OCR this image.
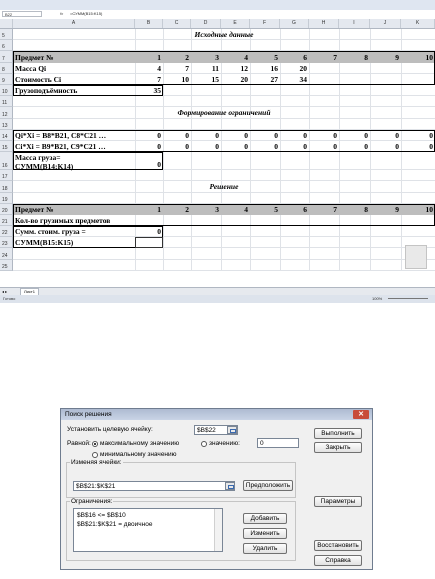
B22	fx =СУММ(B15:K15)
A	B	C	D	E	F	G	H	I	J	K
5
6
7
8
9
10
11
12
13
14
15
16
17
18
19
20
21
22
23
24
25
Исходные данные
Предмет №	1	2	3	4	5	6	7	8	9	10
Масса Qi	4	7	11	12	16	20
Стоимость Ci	7	10	15	20	27	34
Грузоподъёмность	35
Формирование ограничений
Qi*Xi = B8*B21, C8*C21 …	0	0	0	0	0	0	0	0	0	0
Ci*Xi = B9*B21, C9*C21 …	0	0	0	0	0	0	0	0	0	0
Масса груза=
СУММ(B14:K14)	0
Решение
Предмет №	1	2	3	4	5	6	7	8	9	10
Кол-во грузимых предметов
Сумм. стоим. груза =	0
СУММ(B15:K15)
◂ ▸	Лист1
Готово	100%
Поиск решения	✕
Установить целевую ячейку:	$B$22
Равной: максимальному значению	значению:	0
минимальному значению
Изменяя ячейки:
$B$21:$K$21	Предположить
Ограничения:
$B$16 <= $B$10
$B$21:$K$21 = двоичное
Добавить
Изменить
Удалить
Выполнить
Закрыть
Параметры
Восстановить
Справка
